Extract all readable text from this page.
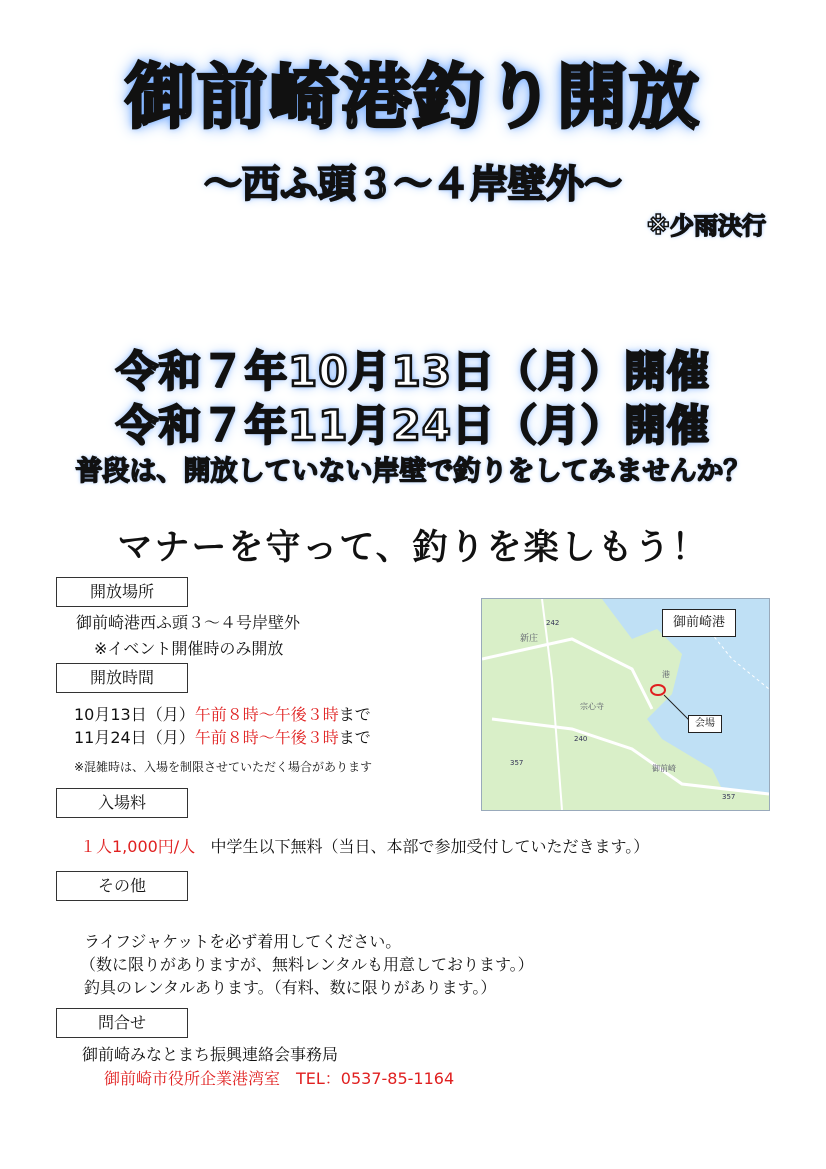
御前崎港釣り開放
～西ふ頭３～４岸壁外～
※少雨決行
令和７年10月13日（月）開催
令和７年11月24日（月）開催
普段は、開放していない岸壁で釣りをしてみませんか？
マナーを守って、釣りを楽しもう！
開放場所
御前崎港西ふ頭３～４号岸壁外
※イベント開催時のみ開放
開放時間
10月13日（月）午前８時～午後３時まで
11月24日（月）午前８時～午後３時まで
※混雑時は、入場を制限させていただく場合があります
入場料
１人1,000円/人 中学生以下無料（当日、本部で参加受付していただきます。）
その他
ライフジャケットを必ず着用してください。
（数に限りがありますが、無料レンタルも用意しております。）
釣具のレンタルあります。（有料、数に限りがあります。）
問合せ
御前崎みなとまち振興連絡会事務局
御前崎市役所企業港湾室　TEL：0537-85-1164
新庄
宗心寺
御前崎
港
242
240
357
357
御前崎港
会場
